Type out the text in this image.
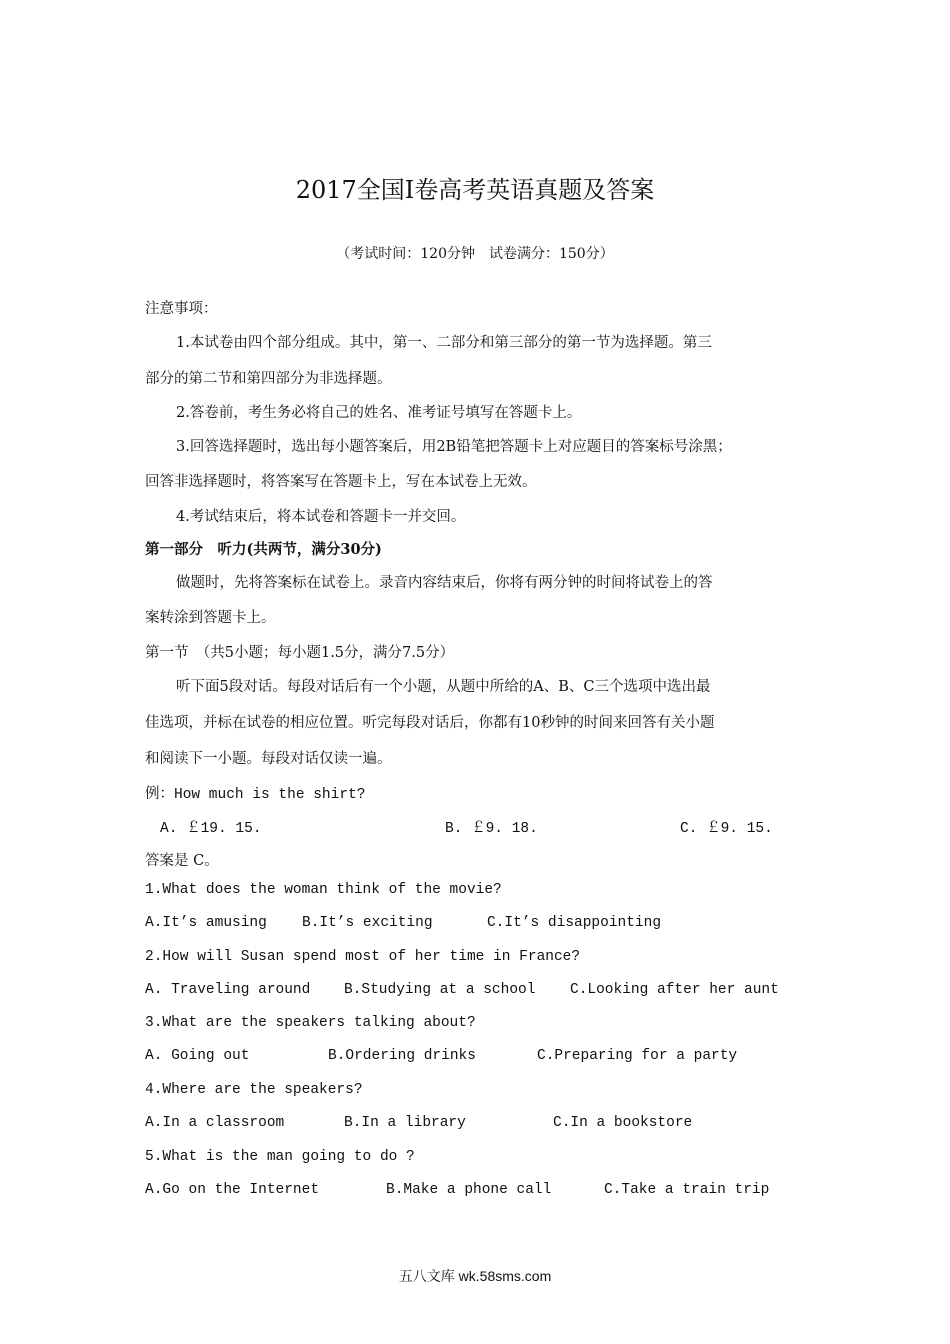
2017全国Ⅰ卷高考英语真题及答案
（考试时间：120分钟　试卷满分：150分）
注意事项：
1.本试卷由四个部分组成。其中，第一、二部分和第三部分的第一节为选择题。第三
部分的第二节和第四部分为非选择题。
2.答卷前，考生务必将自己的姓名、准考证号填写在答题卡上。
3.回答选择题时，选出每小题答案后，用2B铅笔把答题卡上对应题目的答案标号涂黑；
回答非选择题时，将答案写在答题卡上，写在本试卷上无效。
4.考试结束后，将本试卷和答题卡一并交回。
第一部分　听力(共两节，满分30分)
做题时，先将答案标在试卷上。录音内容结束后，你将有两分钟的时间将试卷上的答
案转涂到答题卡上。
第一节　（共5小题；每小题1.5分，满分7.5分）
听下面5段对话。每段对话后有一个小题，从题中所给的A、B、C三个选项中选出最
佳选项，并标在试卷的相应位置。听完每段对话后，你都有10秒钟的时间来回答有关小题
和阅读下一小题。每段对话仅读一遍。
例：How much is the shirt?
A. ￡19. 15.	B. ￡9. 18.	C. ￡9. 15.
答案是 C。
1.What does the woman think of the movie?
A.It’s amusing B.It’s exciting	C.It’s disappointing
2.How will Susan spend most of her time in France?
A. Traveling around B.Studying at a school C.Looking after her aunt
3.What are the speakers talking about?
A. Going out	B.Ordering drinks	C.Preparing for a party
4.Where are the speakers?
A.In a classroom	B.In a library	C.In a bookstore
5.What is the man going to do ?
A.Go on the Internet	B.Make a phone call	C.Take a train trip
五八文库 wk.58sms.com
